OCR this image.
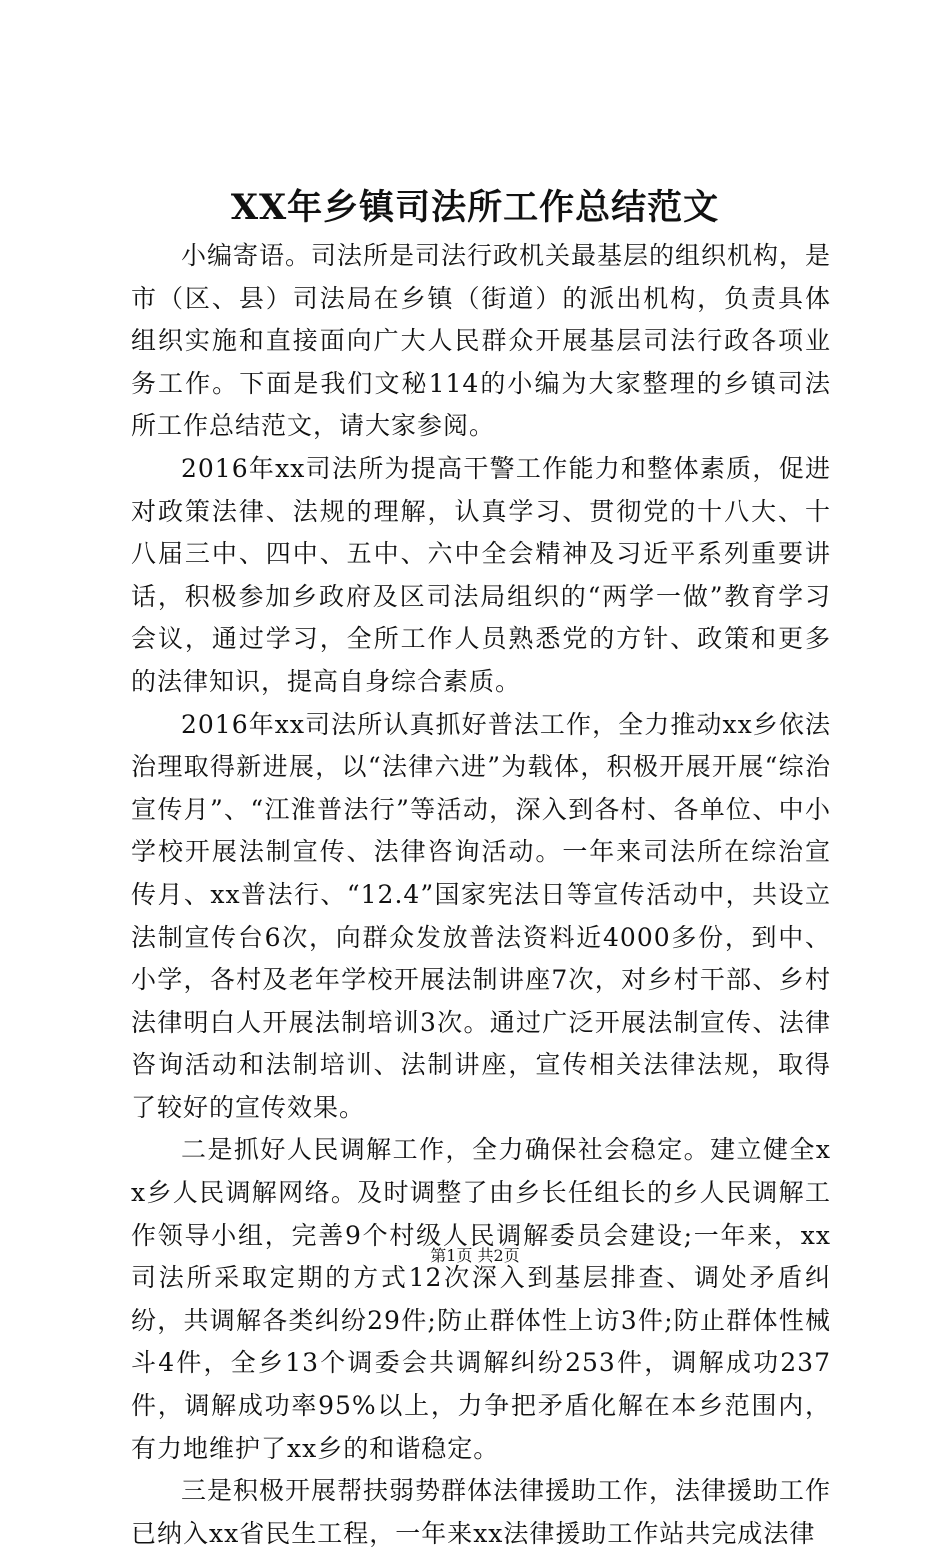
XX年乡镇司法所工作总结范文

小编寄语。司法所是司法行政机关最基层的组织机构，是市（区、县）司法局在乡镇（街道）的派出机构，负责具体组织实施和直接面向广大人民群众开展基层司法行政各项业务工作。下面是我们文秘114的小编为大家整理的乡镇司法所工作总结范文，请大家参阅。

2016年xx司法所为提高干警工作能力和整体素质，促进对政策法律、法规的理解，认真学习、贯彻党的十八大、十八届三中、四中、五中、六中全会精神及习近平系列重要讲话，积极参加乡政府及区司法局组织的“两学一做”教育学习会议，通过学习，全所工作人员熟悉党的方针、政策和更多的法律知识，提高自身综合素质。

2016年xx司法所认真抓好普法工作，全力推动xx乡依法治理取得新进展，以“法律六进”为载体，积极开展开展“综治宣传月”、“江淮普法行”等活动，深入到各村、各单位、中小学校开展法制宣传、法律咨询活动。一年来司法所在综治宣传月、xx普法行、“12.4”国家宪法日等宣传活动中，共设立法制宣传台6次，向群众发放普法资料近4000多份，到中、小学，各村及老年学校开展法制讲座7次，对乡村干部、乡村法律明白人开展法制培训3次。通过广泛开展法制宣传、法律咨询活动和法制培训、法制讲座，宣传相关法律法规，取得了较好的宣传效果。

二是抓好人民调解工作，全力确保社会稳定。建立健全xx乡人民调解网络。及时调整了由乡长任组长的乡人民调解工作领导小组，完善9个村级人民调解委员会建设;一年来，xx司法所采取定期的方式12次深入到基层排查、调处矛盾纠纷，共调解各类纠纷29件;防止群体性上访3件;防止群体性械斗4件，全乡13个调委会共调解纠纷253件，调解成功237件，调解成功率95%以上，力争把矛盾化解在本乡范围内，有力地维护了xx乡的和谐稳定。

三是积极开展帮扶弱势群体法律援助工作，法律援助工作已纳入xx省民生工程，一年来xx法律援助工作站共完成法律

第1页 共2页
